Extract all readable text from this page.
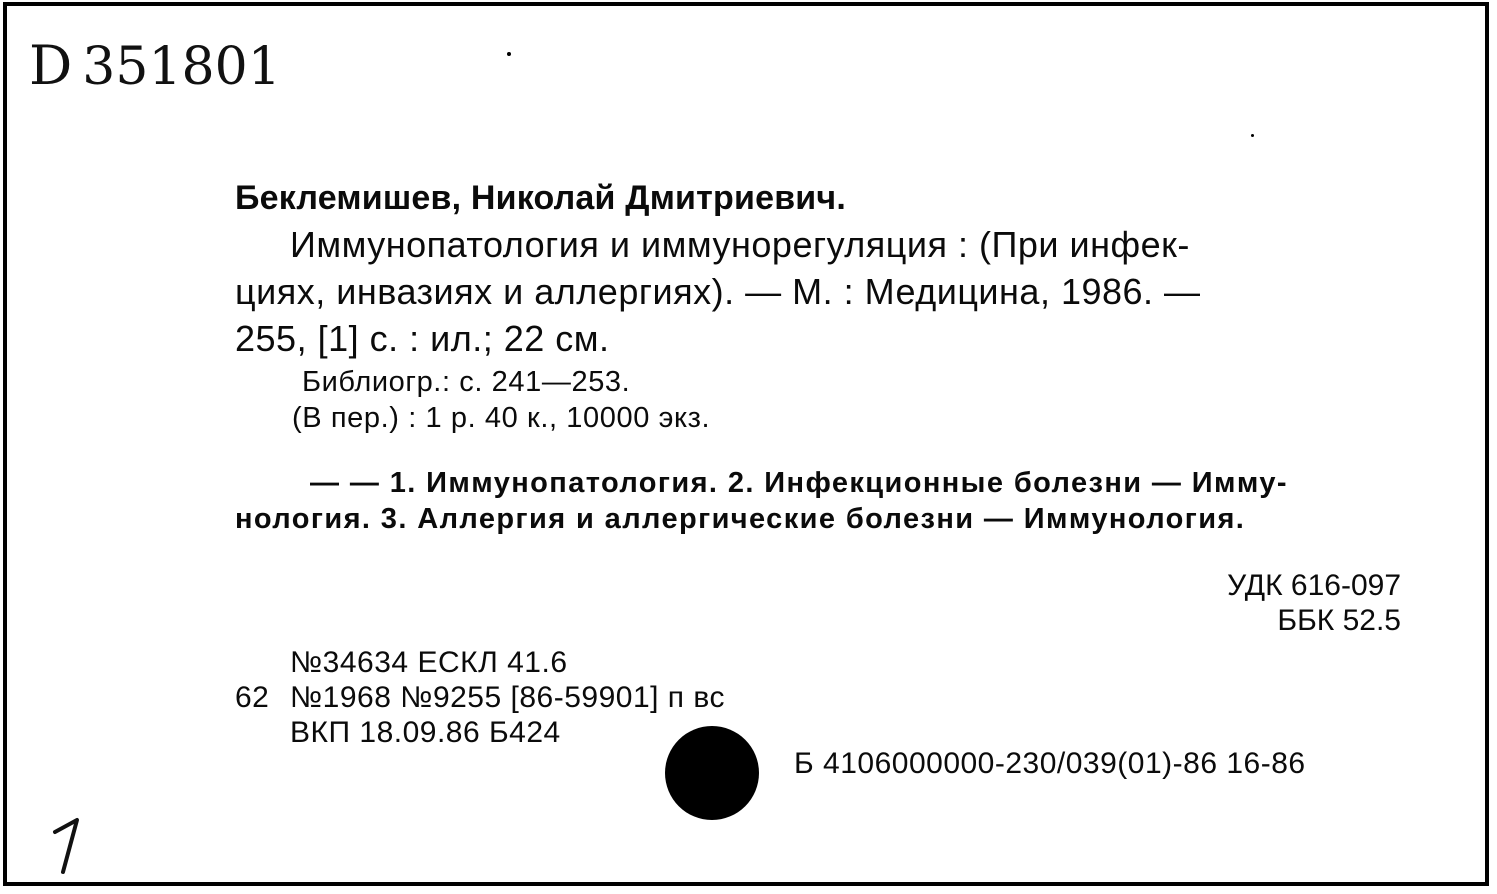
D 351801
Беклемишев, Николай Дмитриевич.
Иммунопатология и иммунорегуляция : (При инфек-
циях, инвазиях и аллергиях). — М. : Медицина, 1986. —
255, [1] с. : ил.; 22 см.
Библиогр.: с. 241—253.
(В пер.) : 1 р. 40 к., 10000 экз.
— — 1. Иммунопатология. 2. Инфекционные болезни — Имму-
нология. 3. Аллергия и аллергические болезни — Иммунология.
УДК 616-097
ББК 52.5
№34634 ЕСКЛ 41.6
62 №1968 №9255 [86-59901] п вс
ВКП 18.09.86 Б424
Б 4106000000-230/039(01)-86 16-86
